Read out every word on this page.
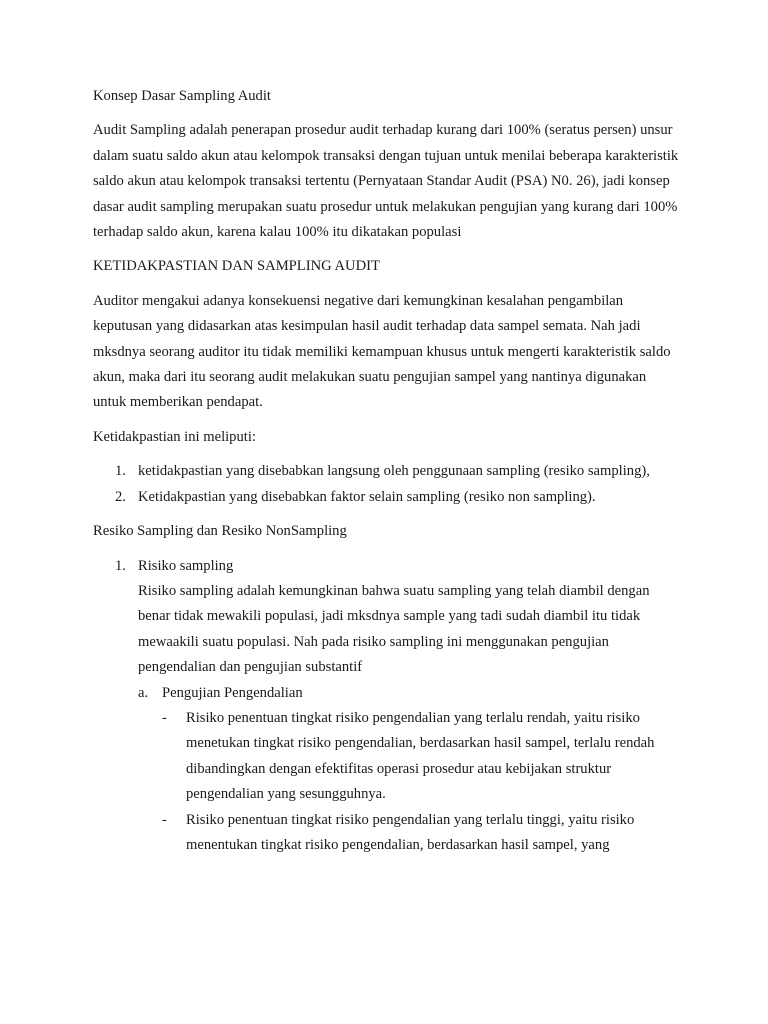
Konsep Dasar Sampling Audit

Audit Sampling adalah penerapan prosedur audit terhadap kurang dari 100% (seratus persen) unsur dalam suatu saldo akun atau kelompok transaksi dengan tujuan untuk menilai beberapa karakteristik saldo akun atau kelompok transaksi tertentu (Pernyataan Standar Audit (PSA) N0. 26), jadi konsep dasar audit sampling merupakan suatu prosedur untuk melakukan pengujian yang kurang dari 100% terhadap saldo akun, karena kalau 100% itu dikatakan populasi

KETIDAKPASTIAN DAN SAMPLING AUDIT

Auditor mengakui adanya konsekuensi negative dari kemungkinan kesalahan pengambilan keputusan yang didasarkan atas kesimpulan hasil audit terhadap data sampel semata. Nah jadi mksdnya seorang auditor itu tidak memiliki kemampuan khusus untuk mengerti karakteristik saldo akun, maka dari itu seorang audit melakukan suatu pengujian sampel yang nantinya digunakan untuk memberikan pendapat.

Ketidakpastian ini meliputi:

1. ketidakpastian yang disebabkan langsung oleh penggunaan sampling (resiko sampling),
2. Ketidakpastian yang disebabkan faktor selain sampling (resiko non sampling).

Resiko Sampling dan Resiko NonSampling

1. Risiko sampling

Risiko sampling adalah kemungkinan bahwa suatu sampling yang telah diambil dengan benar tidak mewakili populasi, jadi mksdnya sample yang tadi sudah diambil itu tidak mewaakili suatu populasi. Nah pada risiko sampling ini menggunakan pengujian pengendalian dan pengujian substantif

a. Pengujian Pengendalian

- Risiko penentuan tingkat risiko pengendalian yang terlalu rendah, yaitu risiko menetukan tingkat risiko pengendalian, berdasarkan hasil sampel, terlalu rendah dibandingkan dengan efektifitas operasi prosedur atau kebijakan struktur pengendalian yang sesungguhnya.
- Risiko penentuan tingkat risiko pengendalian yang terlalu tinggi, yaitu risiko menentukan tingkat risiko pengendalian, berdasarkan hasil sampel, yang
